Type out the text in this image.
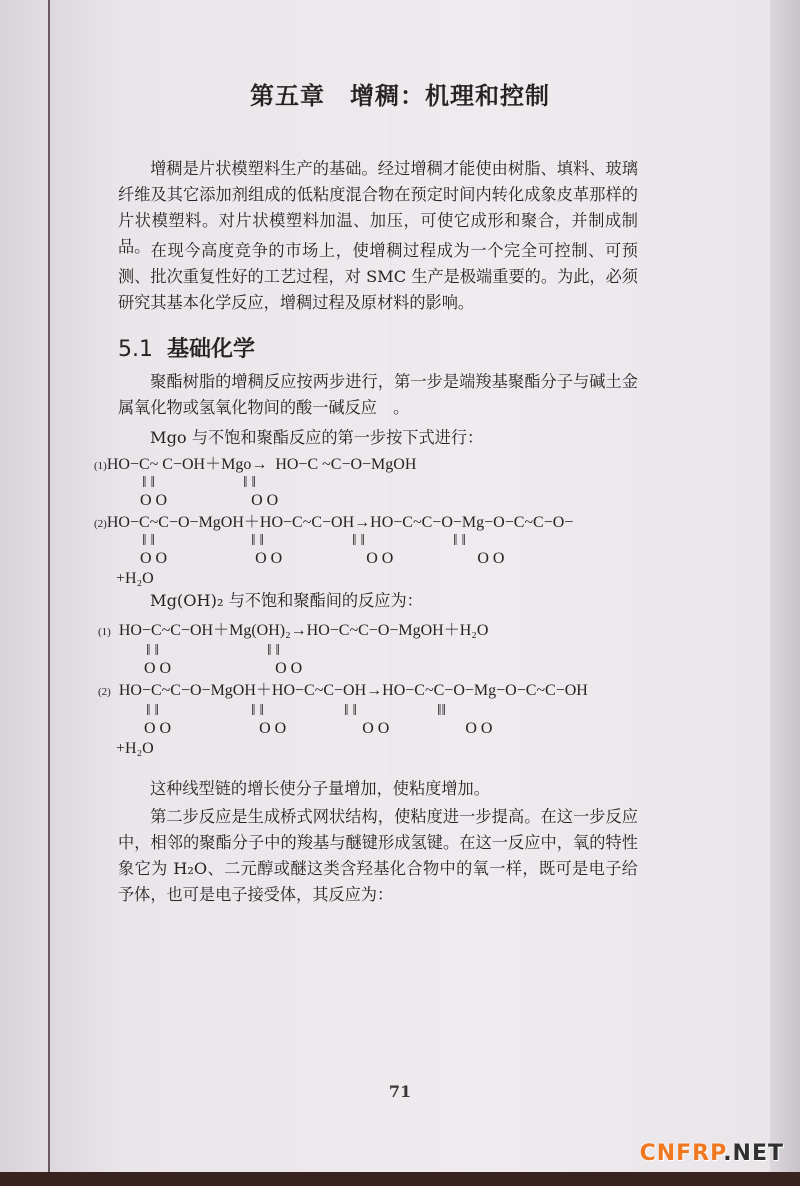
第五章　增稠：机理和控制
增稠是片状模塑料生产的基础。经过增稠才能使由树脂、填料、玻璃纤维及其它添加剂组成的低粘度混合物在预定时间内转化成象皮革那样的片状模塑料。对片状模塑料加温、加压，可使它成形和聚合，并制成制品。 在现今高度竞争的市场上，使增稠过程成为一个完全可控制、可预测、批次重复性好的工艺过程，对 SMC 生产是极端重要的。为此，必须研究其基本化学反应，增稠过程及原材料的影响。
5.1 基础化学
聚酯树脂的增稠反应按两步进行，第一步是端羧基聚酯分子与碱土金属氧化物或氢氧化物间的酸一碱反应　。
Mgo 与不饱和聚酯反应的第一步按下式进行：
(1)HO−C~ C−OH＋Mgo→  HO−C ~C−O−MgOH
‖ ‖                      ‖ ‖
O O                     O O
(2)HO−C~C−O−MgOH＋HO−C~C−OH→HO−C~C−O−Mg−O−C~C−O−
‖ ‖                        ‖ ‖                      ‖ ‖                      ‖ ‖
O O                      O O                     O O                     O O
+H₂O
Mg(OH)₂ 与不饱和聚酯间的反应为：
(1) HO−C~C−OH＋Mg(OH)₂→HO−C~C−O−MgOH＋H₂O
‖ ‖                           ‖ ‖
O O                          O O
(2) HO−C~C−O−MgOH＋HO−C~C−OH→HO−C~C−O−Mg−O−C~C−OH
‖ ‖                       ‖ ‖                    ‖ ‖                    ‖‖
O O                      O O                   O O                   O O
+H₂O
这种线型链的增长使分子量增加，使粘度增加。
第二步反应是生成桥式网状结构，使粘度进一步提高。在这一步反应中，相邻的聚酯分子中的羧基与醚键形成氢键。在这一反应中，氧的特性象它为 H₂O、二元醇或醚这类含羟基化合物中的氧一样，既可是电子给予体，也可是电子接受体，其反应为：
71
CNFRP.NET
